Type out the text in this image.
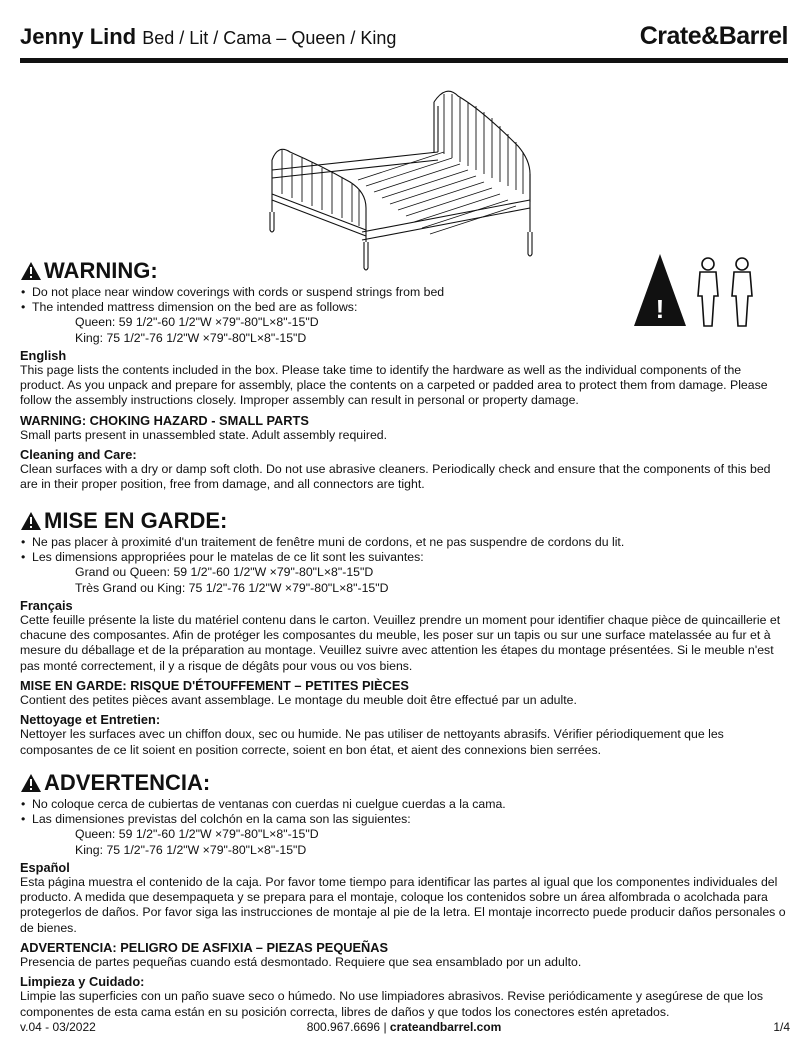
Jenny Lind Bed / Lit / Cama – Queen / King	Crate&Barrel
!
WARNING:
• Do not place near window coverings with cords or suspend strings from bed
• The intended mattress dimension on the bed are as follows:
Queen: 59 1/2"-60 1/2"W ×79"-80"L×8"-15"D
King: 75 1/2"-76 1/2"W ×79"-80"L×8"-15"D
English

This page lists the contents included in the box. Please take time to identify the hardware as well as the individual components of the product. As you unpack and prepare for assembly, place the contents on a carpeted or padded area to protect them from damage. Please follow the assembly instructions closely. Improper assembly can result in personal or property damage.

WARNING: CHOKING HAZARD - SMALL PARTS

Small parts present in unassembled state. Adult assembly required.

Cleaning and Care:

Clean surfaces with a dry or damp soft cloth. Do not use abrasive cleaners. Periodically check and ensure that the components of this bed are in their proper position, free from damage, and all connectors are tight.

MISE EN GARDE:
• Ne pas placer à proximité d'un traitement de fenêtre muni de cordons, et ne pas suspendre de cordons du lit.
• Les dimensions appropriées pour le matelas de ce lit sont les suivantes:
Grand ou Queen: 59 1/2"-60 1/2"W ×79"-80"L×8"-15"D
Très Grand ou King: 75 1/2"-76 1/2"W ×79"-80"L×8"-15"D
Français

Cette feuille présente la liste du matériel contenu dans le carton. Veuillez prendre un moment pour identifier chaque pièce de quincaillerie et chacune des composantes. Afin de protéger les composantes du meuble, les poser sur un tapis ou sur une surface matelassée au fur et à mesure du déballage et de la préparation au montage. Veuillez suivre avec attention les étapes du montage présentées. Si le meuble n'est pas monté correctement, il y a risque de dégâts pour vous ou vos biens.

MISE EN GARDE: RISQUE D'ÉTOUFFEMENT – PETITES PIÈCES

Contient des petites pièces avant assemblage. Le montage du meuble doit être effectué par un adulte.

Nettoyage et Entretien:

Nettoyer les surfaces avec un chiffon doux, sec ou humide. Ne pas utiliser de nettoyants abrasifs. Vérifier périodiquement que les composantes de ce lit soient en position correcte, soient en bon état, et aient des connexions bien serrées.

ADVERTENCIA:
• No coloque cerca de cubiertas de ventanas con cuerdas ni cuelgue cuerdas a la cama.
• Las dimensiones previstas del colchón en la cama son las siguientes:
Queen: 59 1/2"-60 1/2"W ×79"-80"L×8"-15"D
King: 75 1/2"-76 1/2"W ×79"-80"L×8"-15"D
Español

Esta página muestra el contenido de la caja. Por favor tome tiempo para identificar las partes al igual que los componentes individuales del producto. A medida que desempaqueta y se prepara para el montaje, coloque los contenidos sobre un área alfombrada o acolchada para protegerlos de daños. Por favor siga las instrucciones de montaje al pie de la letra. El montaje incorrecto puede producir daños personales o de bienes.

ADVERTENCIA: PELIGRO DE ASFIXIA – PIEZAS PEQUEÑAS

Presencia de partes pequeñas cuando está desmontado. Requiere que sea ensamblado por un adulto.

Limpieza y Cuidado:

Limpie las superficies con un paño suave seco o húmedo. No use limpiadores abrasivos. Revise periódicamente y asegúrese de que los componentes de esta cama están en su posición correcta, libres de daños y que todos los conectores estén apretados.

v.04 - 03/2022	800.967.6696 | crateandbarrel.com	1/4
